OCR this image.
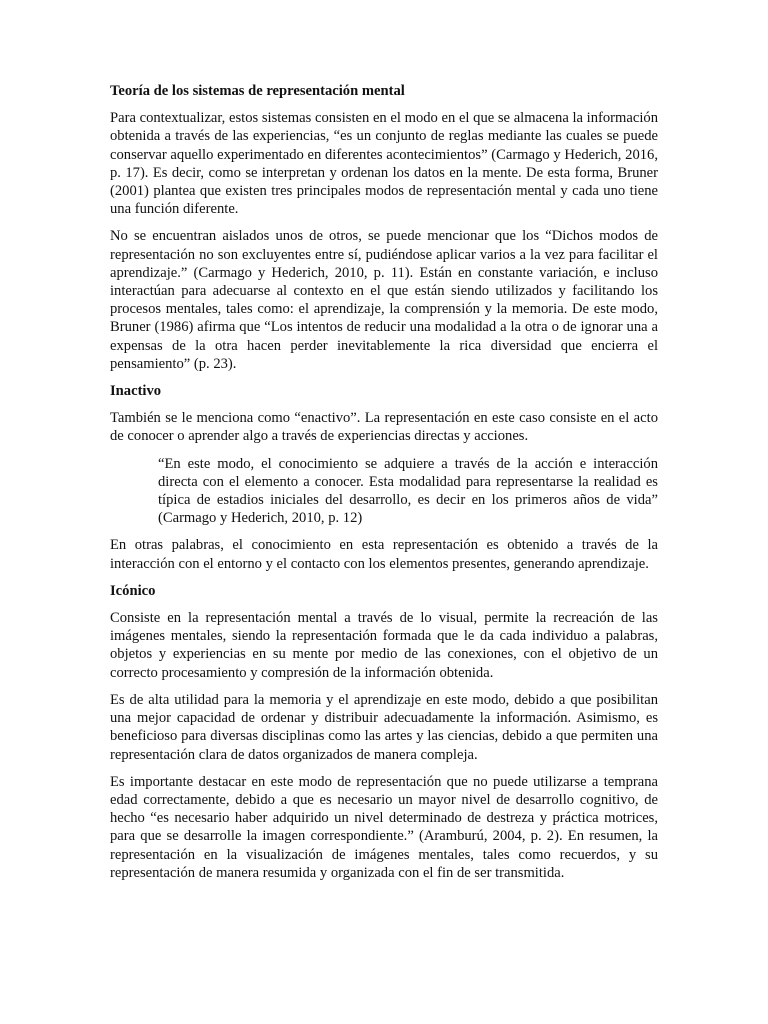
Teoría de los sistemas de representación mental

Para contextualizar, estos sistemas consisten en el modo en el que se almacena la información obtenida a través de las experiencias, “es un conjunto de reglas mediante las cuales se puede conservar aquello experimentado en diferentes acontecimientos” (Carmago y Hederich, 2016, p. 17). Es decir, como se interpretan y ordenan los datos en la mente. De esta forma, Bruner (2001) plantea que existen tres principales modos de representación mental y cada uno tiene una función diferente.

No se encuentran aislados unos de otros, se puede mencionar que los “Dichos modos de representación no son excluyentes entre sí, pudiéndose aplicar varios a la vez para facilitar el aprendizaje.” (Carmago y Hederich, 2010, p. 11). Están en constante variación, e incluso interactúan para adecuarse al contexto en el que están siendo utilizados y facilitando los procesos mentales, tales como: el aprendizaje, la comprensión y la memoria. De este modo, Bruner (1986) afirma que “Los intentos de reducir una modalidad a la otra o de ignorar una a expensas de la otra hacen perder inevitablemente la rica diversidad que encierra el pensamiento” (p. 23).

Inactivo

También se le menciona como “enactivo”. La representación en este caso consiste en el acto de conocer o aprender algo a través de experiencias directas y acciones.

“En este modo, el conocimiento se adquiere a través de la acción e interacción directa con el elemento a conocer. Esta modalidad para representarse la realidad es típica de estadios iniciales del desarrollo, es decir en los primeros años de vida” (Carmago y Hederich, 2010, p. 12)

En otras palabras, el conocimiento en esta representación es obtenido a través de la interacción con el entorno y el contacto con los elementos presentes, generando aprendizaje.

Icónico

Consiste en la representación mental a través de lo visual, permite la recreación de las imágenes mentales, siendo la representación formada que le da cada individuo a palabras, objetos y experiencias en su mente por medio de las conexiones, con el objetivo de un correcto procesamiento y compresión de la información obtenida.

Es de alta utilidad para la memoria y el aprendizaje en este modo, debido a que posibilitan una mejor capacidad de ordenar y distribuir adecuadamente la información. Asimismo, es beneficioso para diversas disciplinas como las artes y las ciencias, debido a que permiten una representación clara de datos organizados de manera compleja.

Es importante destacar en este modo de representación que no puede utilizarse a temprana edad correctamente, debido a que es necesario un mayor nivel de desarrollo cognitivo, de hecho “es necesario haber adquirido un nivel determinado de destreza y práctica motrices, para que se desarrolle la imagen correspondiente.” (Aramburú, 2004, p. 2). En resumen, la representación en la visualización de imágenes mentales, tales como recuerdos, y su representación de manera resumida y organizada con el fin de ser transmitida.
